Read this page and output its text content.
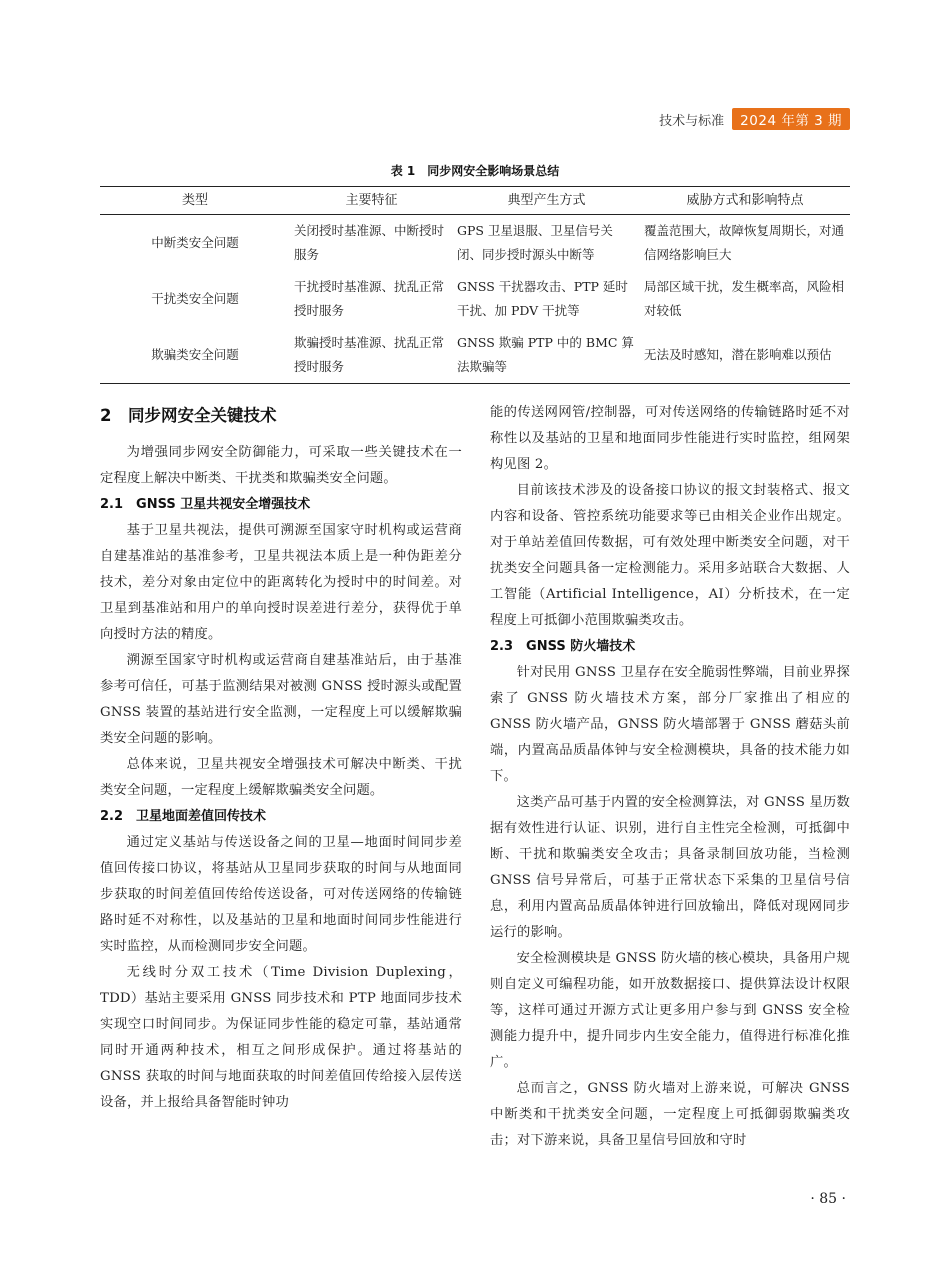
技术与标准	2024 年第 3 期
表 1　同步网安全影响场景总结
类型	主要特征	典型产生方式	威胁方式和影响特点
中断类安全问题	关闭授时基准源、中断授时服务	GPS 卫星退服、卫星信号关闭、同步授时源头中断等	覆盖范围大，故障恢复周期长，对通信网络影响巨大
干扰类安全问题	干扰授时基准源、扰乱正常授时服务	GNSS 干扰器攻击、PTP 延时干扰、加 PDV 干扰等	局部区域干扰，发生概率高，风险相对较低
欺骗类安全问题	欺骗授时基准源、扰乱正常授时服务	GNSS 欺骗 PTP 中的 BMC 算法欺骗等	无法及时感知，潜在影响难以预估
2　同步网安全关键技术

为增强同步网安全防御能力，可采取一些关键技术在一定程度上解决中断类、干扰类和欺骗类安全问题。

2.1　GNSS 卫星共视安全增强技术

基于卫星共视法，提供可溯源至国家守时机构或运营商自建基准站的基准参考，卫星共视法本质上是一种伪距差分技术，差分对象由定位中的距离转化为授时中的时间差。对卫星到基准站和用户的单向授时误差进行差分，获得优于单向授时方法的精度。

溯源至国家守时机构或运营商自建基准站后，由于基准参考可信任，可基于监测结果对被测 GNSS 授时源头或配置 GNSS 装置的基站进行安全监测，一定程度上可以缓解欺骗类安全问题的影响。

总体来说，卫星共视安全增强技术可解决中断类、干扰类安全问题，一定程度上缓解欺骗类安全问题。

2.2　卫星地面差值回传技术

通过定义基站与传送设备之间的卫星—地面时间同步差值回传接口协议，将基站从卫星同步获取的时间与从地面同步获取的时间差值回传给传送设备，可对传送网络的传输链路时延不对称性，以及基站的卫星和地面时间同步性能进行实时监控，从而检测同步安全问题。

无线时分双工技术（Time Division Duplexing，TDD）基站主要采用 GNSS 同步技术和 PTP 地面同步技术实现空口时间同步。为保证同步性能的稳定可靠，基站通常同时开通两种技术，相互之间形成保护。通过将基站的 GNSS 获取的时间与地面获取的时间差值回传给接入层传送设备，并上报给具备智能时钟功

能的传送网网管/控制器，可对传送网络的传输链路时延不对称性以及基站的卫星和地面同步性能进行实时监控，组网架构见图 2。

目前该技术涉及的设备接口协议的报文封装格式、报文内容和设备、管控系统功能要求等已由相关企业作出规定。对于单站差值回传数据，可有效处理中断类安全问题，对干扰类安全问题具备一定检测能力。采用多站联合大数据、人工智能（Artificial Intelligence，AI）分析技术，在一定程度上可抵御小范围欺骗类攻击。

2.3　GNSS 防火墙技术

针对民用 GNSS 卫星存在安全脆弱性弊端，目前业界探索了 GNSS 防火墙技术方案，部分厂家推出了相应的 GNSS 防火墙产品，GNSS 防火墙部署于 GNSS 蘑菇头前端，内置高品质晶体钟与安全检测模块，具备的技术能力如下。

这类产品可基于内置的安全检测算法，对 GNSS 星历数据有效性进行认证、识别，进行自主性完全检测，可抵御中断、干扰和欺骗类安全攻击；具备录制回放功能，当检测 GNSS 信号异常后，可基于正常状态下采集的卫星信号信息，利用内置高品质晶体钟进行回放输出，降低对现网同步运行的影响。

安全检测模块是 GNSS 防火墙的核心模块，具备用户规则自定义可编程功能，如开放数据接口、提供算法设计权限等，这样可通过开源方式让更多用户参与到 GNSS 安全检测能力提升中，提升同步内生安全能力，值得进行标准化推广。

总而言之，GNSS 防火墙对上游来说，可解决 GNSS 中断类和干扰类安全问题，一定程度上可抵御弱欺骗类攻击；对下游来说，具备卫星信号回放和守时

· 85 ·
